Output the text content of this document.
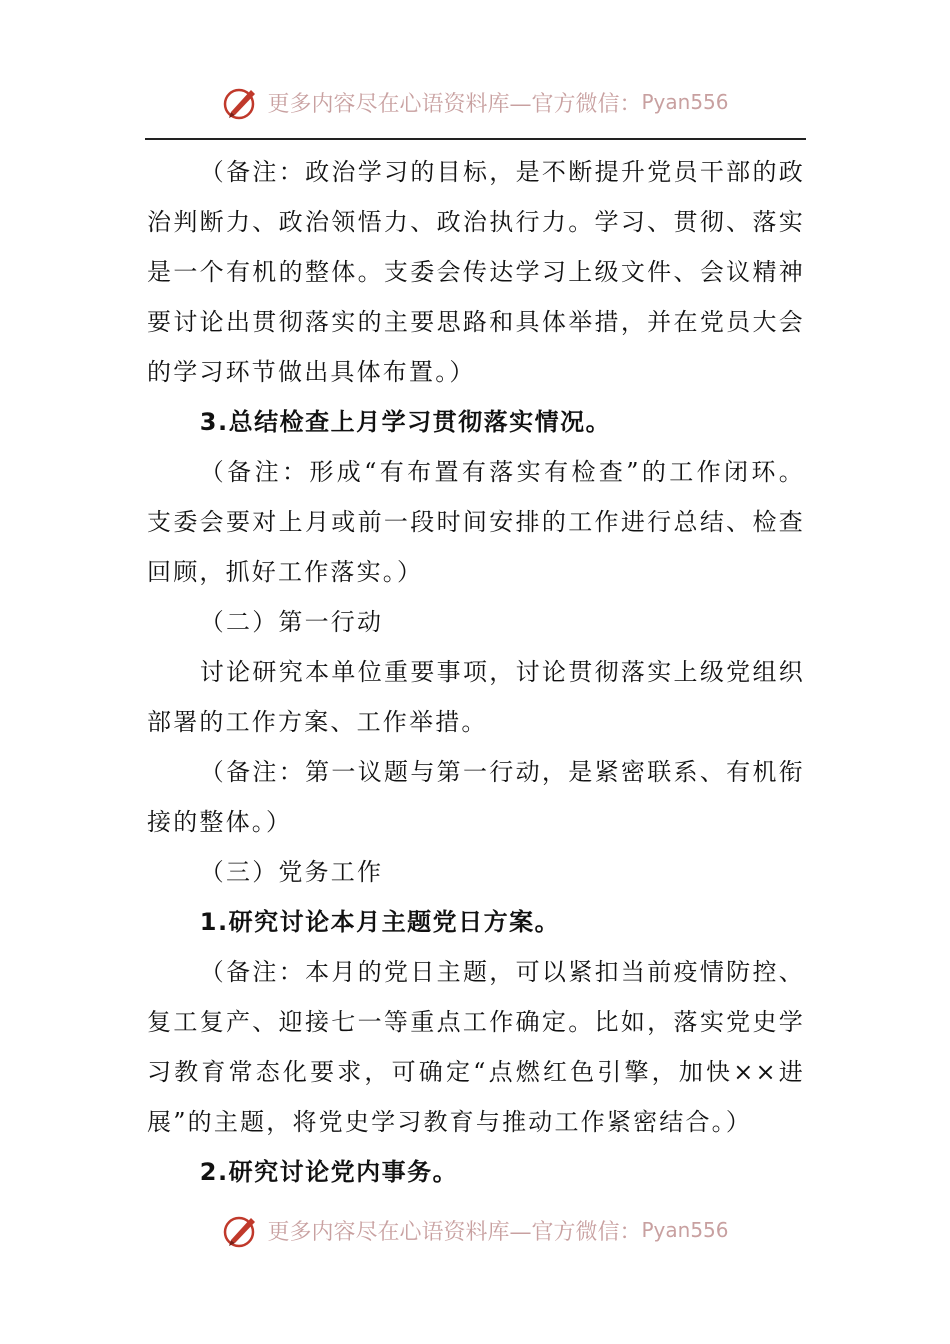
更多内容尽在心语资料库—官方微信： Pyan556

（备注：政治学习的目标，是不断提升党员干部的政治判断力、政治领悟力、政治执行力。学习、贯彻、落实是一个有机的整体。支委会传达学习上级文件、会议精神要讨论出贯彻落实的主要思路和具体举措，并在党员大会的学习环节做出具体布置。）

3.总结检查上月学习贯彻落实情况。

（备注：形成“有布置有落实有检查”的工作闭环。支委会要对上月或前一段时间安排的工作进行总结、检查回顾，抓好工作落实。）

（二）第一行动

讨论研究本单位重要事项，讨论贯彻落实上级党组织部署的工作方案、工作举措。

（备注：第一议题与第一行动，是紧密联系、有机衔接的整体。）

（三）党务工作

1.研究讨论本月主题党日方案。

（备注：本月的党日主题，可以紧扣当前疫情防控、复工复产、迎接七一等重点工作确定。比如，落实党史学习教育常态化要求，可确定“点燃红色引擎，加快××进展”的主题，将党史学习教育与推动工作紧密结合。）

2.研究讨论党内事务。

更多内容尽在心语资料库—官方微信： Pyan556
